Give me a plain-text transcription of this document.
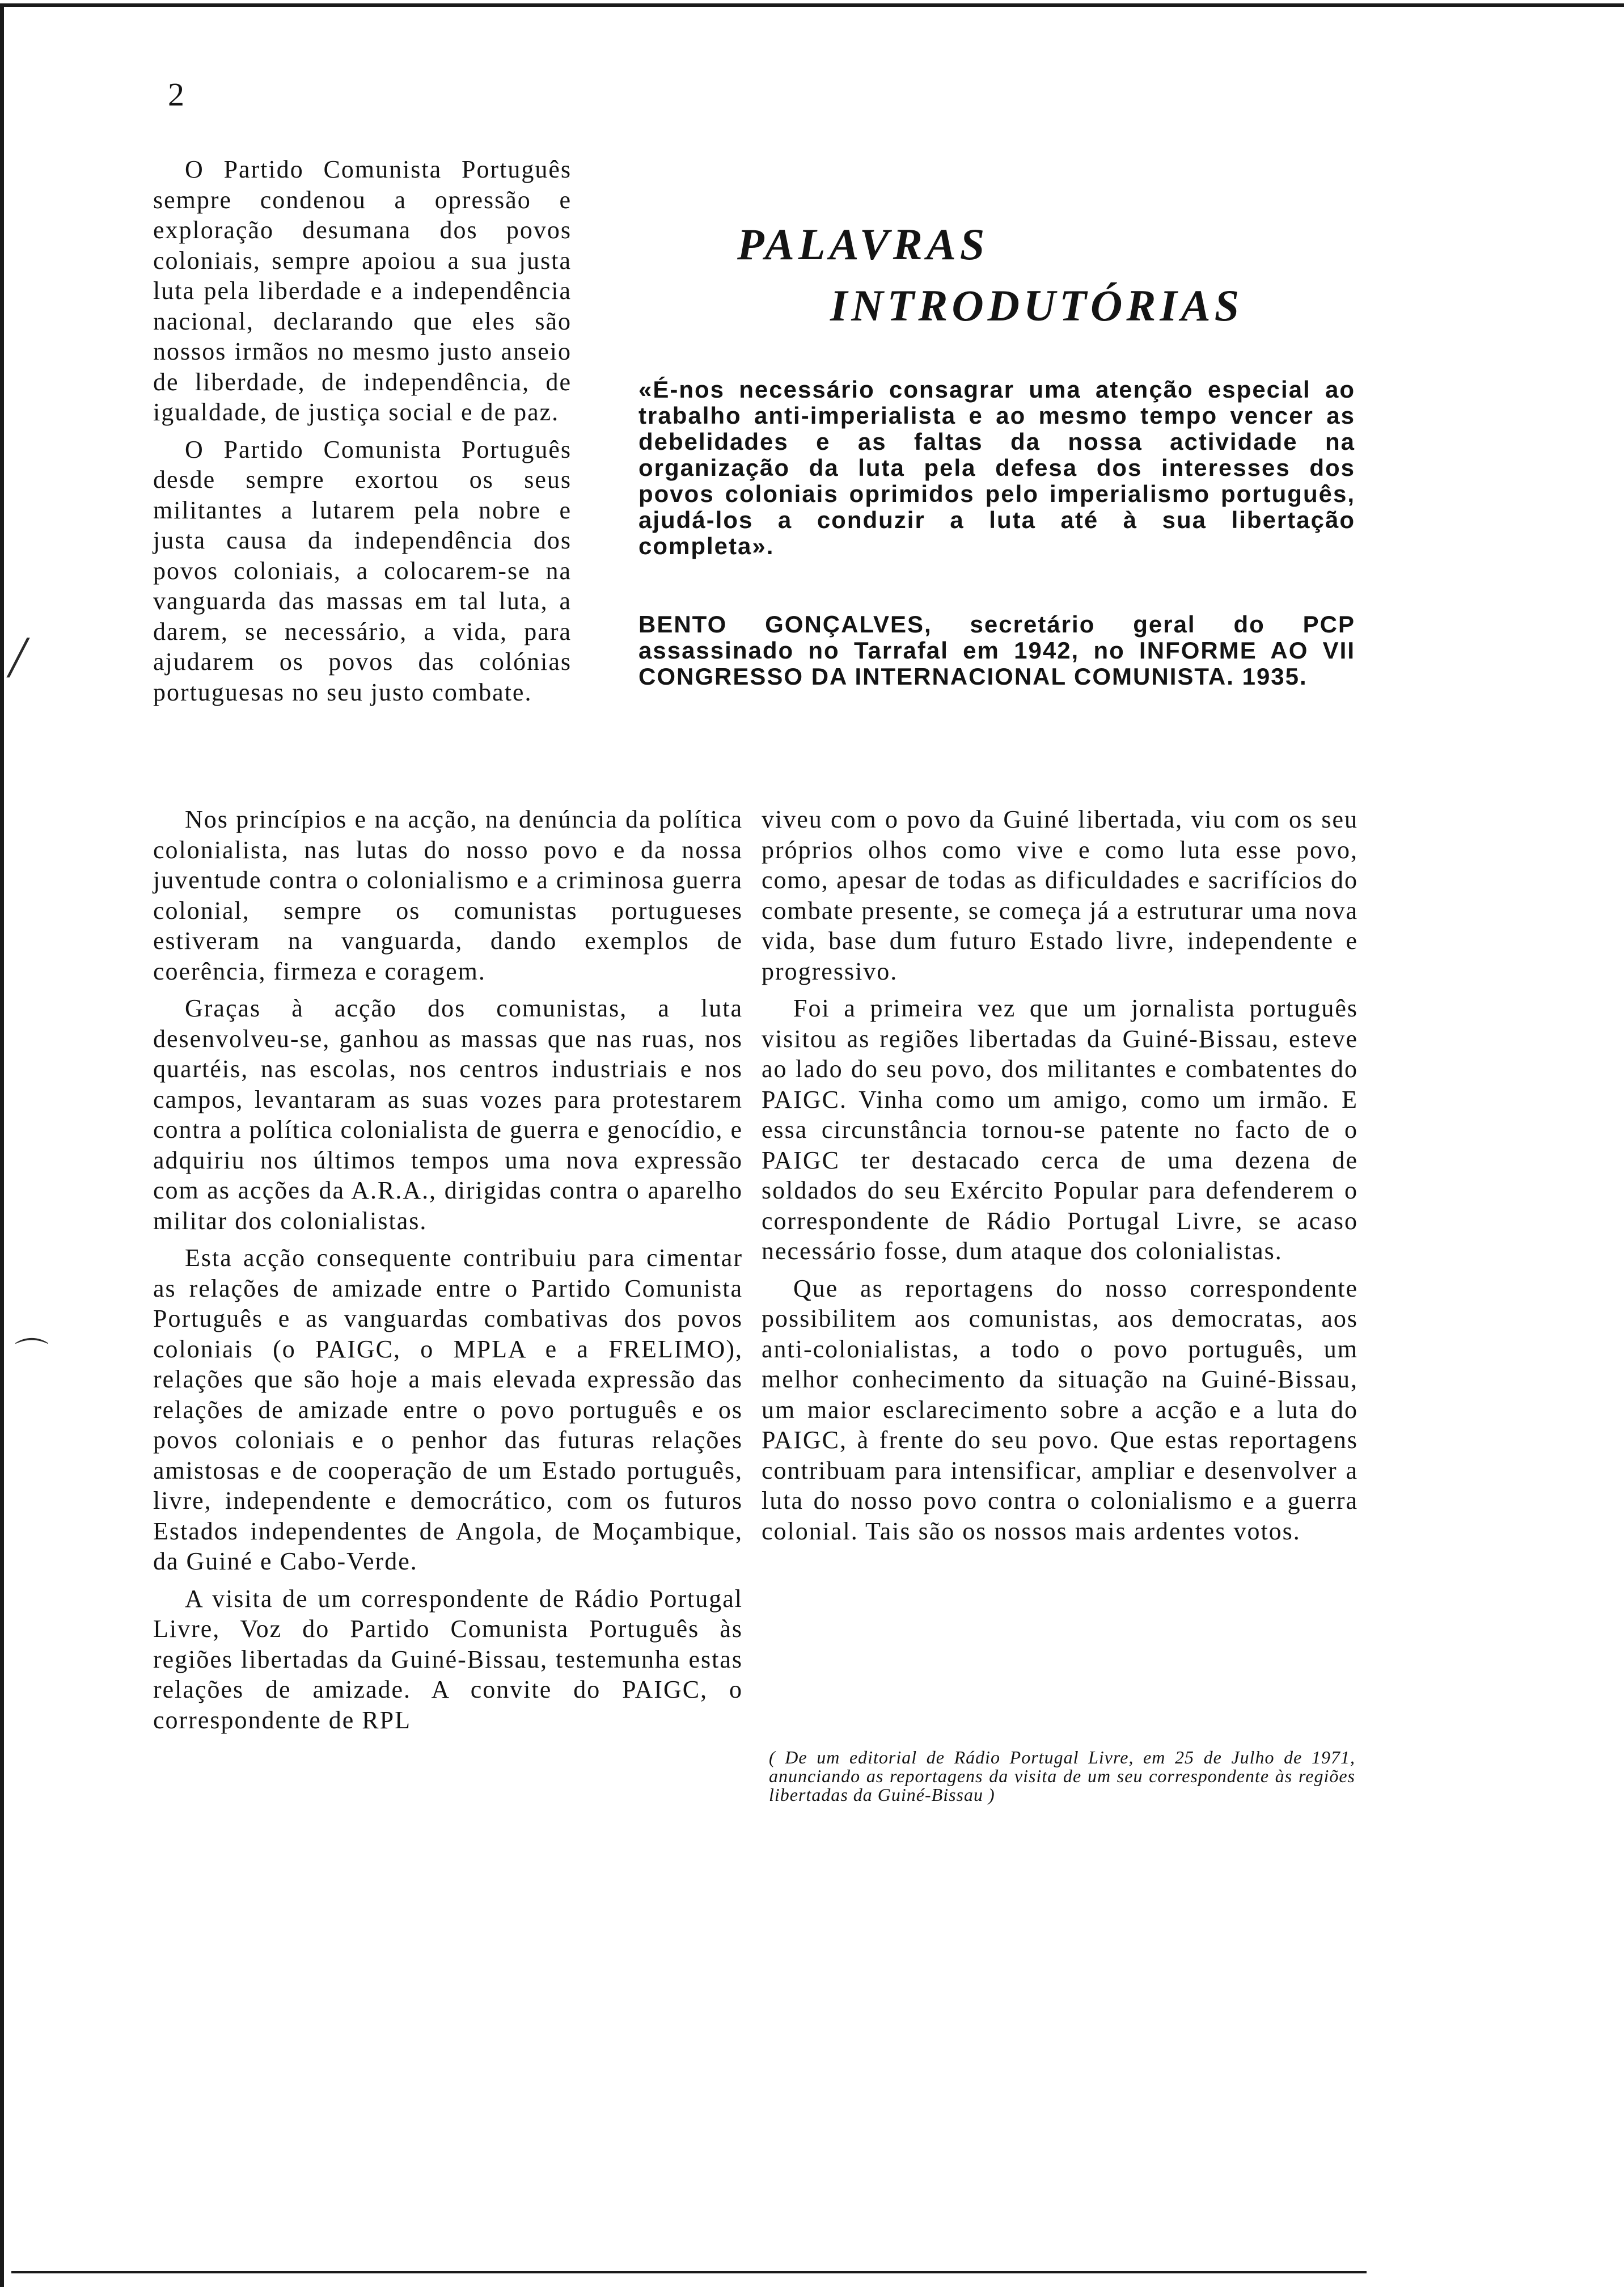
2

O Partido Comunista Português sempre condenou a opressão e exploração desumana dos povos coloniais, sempre apoiou a sua justa luta pela liberdade e a independência nacional, declarando que eles são nossos irmãos no mesmo justo anseio de liberdade, de independência, de igualdade, de justiça social e de paz.

O Partido Comunista Português desde sempre exortou os seus militantes a lutarem pela nobre e justa causa da independência dos povos coloniais, a colocarem-se na vanguarda das massas em tal luta, a darem, se necessário, a vida, para ajudarem os povos das colónias portuguesas no seu justo combate.

PALAVRAS
INTRODUTÓRIAS

«É-nos necessário consagrar uma atenção especial ao trabalho anti-imperialista e ao mesmo tempo vencer as debelidades e as faltas da nossa actividade na organização da luta pela defesa dos interesses dos povos coloniais oprimidos pelo imperialismo português, ajudá-los a conduzir a luta até à sua libertação completa».

BENTO GONÇALVES, secretário geral do PCP assassinado no Tarrafal em 1942, no INFORME AO VII CONGRESSO DA INTERNACIONAL COMUNISTA. 1935.

Nos princípios e na acção, na denúncia da política colonialista, nas lutas do nosso povo e da nossa juventude contra o colonialismo e a criminosa guerra colonial, sempre os comunistas portugueses estiveram na vanguarda, dando exemplos de coerência, firmeza e coragem.

Graças à acção dos comunistas, a luta desenvolveu-se, ganhou as massas que nas ruas, nos quartéis, nas escolas, nos centros industriais e nos campos, levantaram as suas vozes para protestarem contra a política colonialista de guerra e genocídio, e adquiriu nos últimos tempos uma nova expressão com as acções da A.R.A., dirigidas contra o aparelho militar dos colonialistas.

Esta acção consequente contribuiu para cimentar as relações de amizade entre o Partido Comunista Português e as vanguardas combativas dos povos coloniais (o PAIGC, o MPLA e a FRELIMO), relações que são hoje a mais elevada expressão das relações de amizade entre o povo português e os povos coloniais e o penhor das futuras relações amistosas e de cooperação de um Estado português, livre, independente e democrático, com os futuros Estados independentes de Angola, de Moçambique, da Guiné e Cabo-Verde.

A visita de um correspondente de Rádio Portugal Livre, Voz do Partido Comunista Português às regiões libertadas da Guiné-Bissau, testemunha estas relações de amizade. A convite do PAIGC, o correspondente de RPL

viveu com o povo da Guiné libertada, viu com os seu próprios olhos como vive e como luta esse povo, como, apesar de todas as dificuldades e sacrifícios do combate presente, se começa já a estruturar uma nova vida, base dum futuro Estado livre, independente e progressivo.

Foi a primeira vez que um jornalista português visitou as regiões libertadas da Guiné-Bissau, esteve ao lado do seu povo, dos militantes e combatentes do PAIGC. Vinha como um amigo, como um irmão. E essa circunstância tornou-se patente no facto de o PAIGC ter destacado cerca de uma dezena de soldados do seu Exército Popular para defenderem o correspondente de Rádio Portugal Livre, se acaso necessário fosse, dum ataque dos colonialistas.

Que as reportagens do nosso correspondente possibilitem aos comunistas, aos democratas, aos anti-colonialistas, a todo o povo português, um melhor conhecimento da situação na Guiné-Bissau, um maior esclarecimento sobre a acção e a luta do PAIGC, à frente do seu povo. Que estas reportagens contribuam para intensificar, ampliar e desenvolver a luta do nosso povo contra o colonialismo e a guerra colonial. Tais são os nossos mais ardentes votos.

( De um editorial de Rádio Portugal Livre, em 25 de Julho de 1971, anunciando as reportagens da visita de um seu correspondente às regiões libertadas da Guiné-Bissau )

╱
⌒
